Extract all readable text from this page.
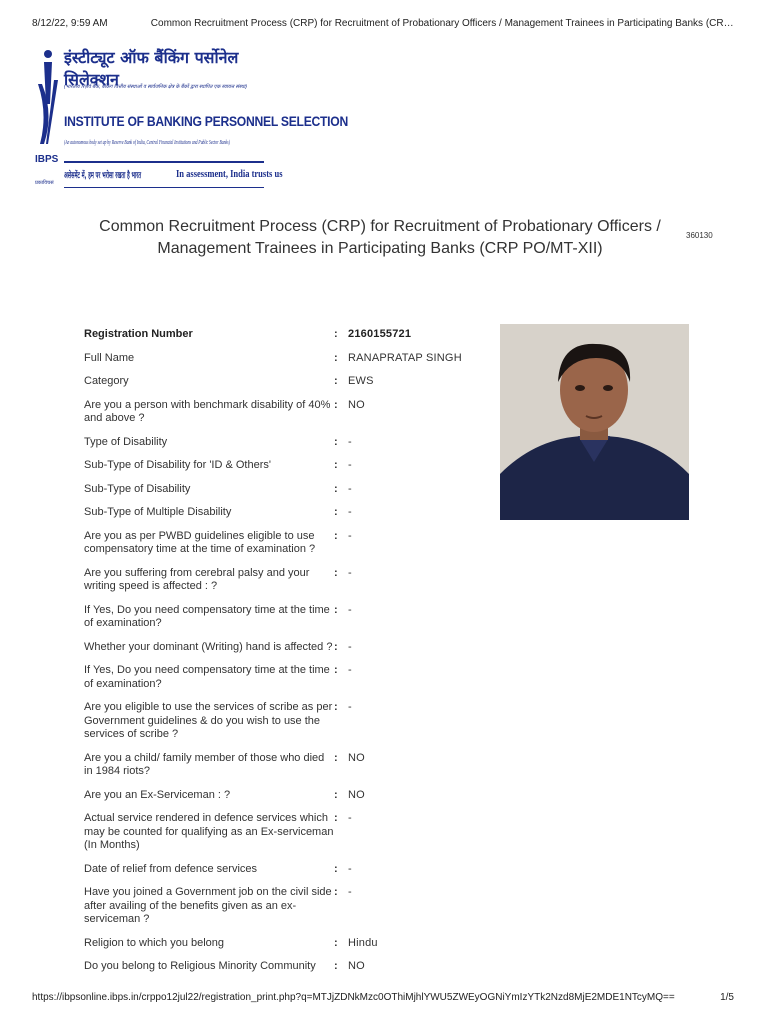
8/12/22, 9:59 AM	Common Recruitment Process (CRP) for Recruitment of Probationary Officers / Management Trainees in Participating Banks (CR…
IBPS
प्रकाविचसं
इंस्टीट्यूट ऑफ बैंकिंग पर्सोनेल सिलेक्शन
(भारतीय रिज़र्व बैंक, बैंकिंग वित्तीय संस्थाओं व सार्वजनिक क्षेत्र के बैंकों द्वारा स्थापित एक स्वायत्त संस्था)
INSTITUTE OF BANKING PERSONNEL SELECTION
(An autonomous body set up by Reserve Bank of India, Central Financial Institutions and Public Sector Banks)
असेसमेंट में, हम पर भरोसा रखता है भारत	In assessment, India trusts us
Common Recruitment Process (CRP) for Recruitment of Probationary Officers /
Management Trainees in Participating Banks (CRP PO/MT-XII)
360130
Registration Number	: 2160155721
Full Name	: RANAPRATAP SINGH
Category	: EWS
Are you a person with benchmark disability of 40% and above ?
: NO
Type of Disability	: -
Sub-Type of Disability for 'ID & Others'	: -
Sub-Type of Disability	: -
Sub-Type of Multiple Disability	: -
Are you as per PWBD guidelines eligible to use compensatory time at the time of examination ?
: -
Are you suffering from cerebral palsy and your writing speed is affected : ?
: -
If Yes, Do you need compensatory time at the time of examination?
: -
Whether your dominant (Writing) hand is affected ? : -
If Yes, Do you need compensatory time at the time of examination?
: -
Are you eligible to use the services of scribe as per Government guidelines & do you wish to use the services of scribe ?
: -
Are you a child/ family member of those who died in 1984 riots?
: NO
Are you an Ex-Serviceman : ?	: NO
Actual service rendered in defence services which may be counted for qualifying as an Ex-serviceman (In Months)
: -
Date of relief from defence services	: -
Have you joined a Government job on the civil side after availing of the benefits given as an ex-serviceman ?
: -
Religion to which you belong	: Hindu
Do you belong to Religious Minority Community	: NO
https://ibpsonline.ibps.in/crppo12jul22/registration_print.php?q=MTJjZDNkMzc0OThiMjhlYWU5ZWEyOGNiYmIzYTk2Nzd8MjE2MDE1NTcyMQ==	1/5
